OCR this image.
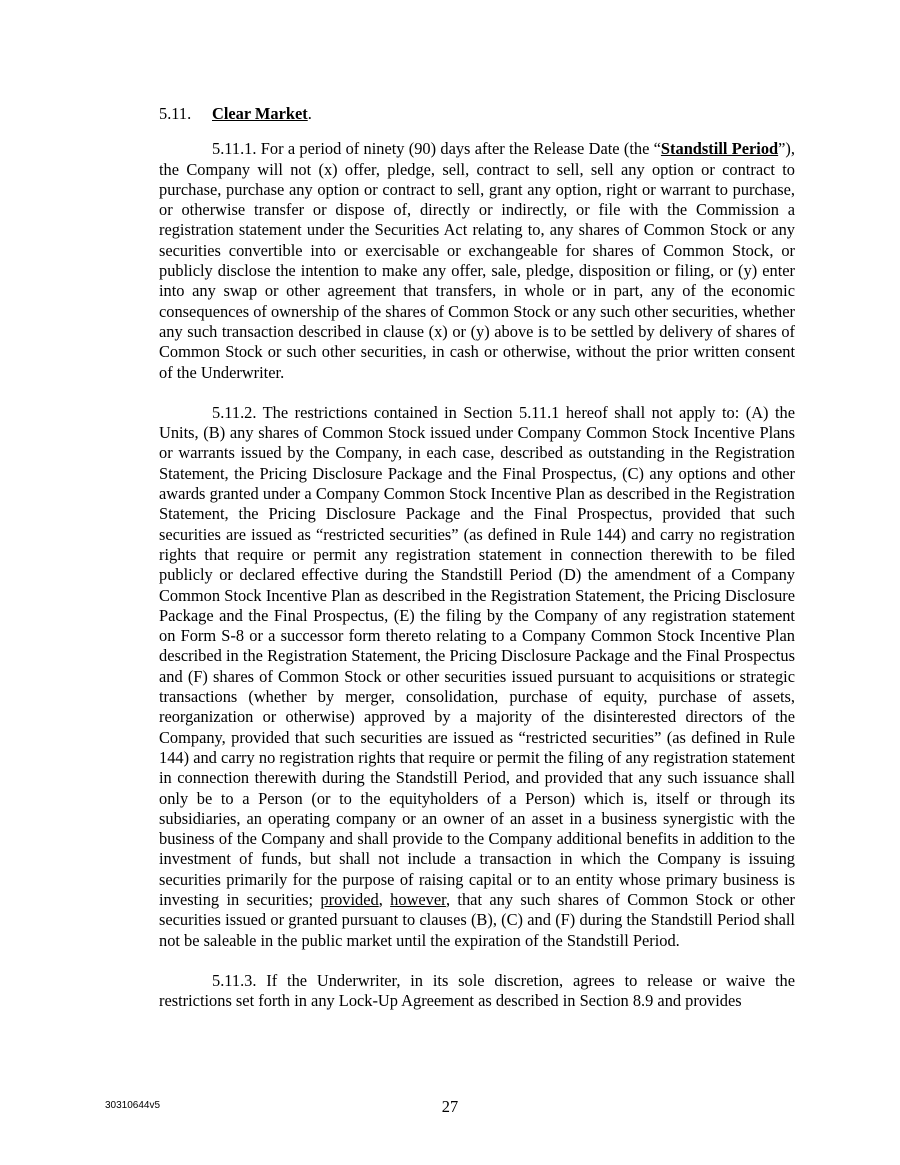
5.11. Clear Market.

5.11.1. For a period of ninety (90) days after the Release Date (the “Standstill Period”), the Company will not (x) offer, pledge, sell, contract to sell, sell any option or contract to purchase, purchase any option or contract to sell, grant any option, right or warrant to purchase, or otherwise transfer or dispose of, directly or indirectly, or file with the Commission a registration statement under the Securities Act relating to, any shares of Common Stock or any securities convertible into or exercisable or exchangeable for shares of Common Stock, or publicly disclose the intention to make any offer, sale, pledge, disposition or filing, or (y) enter into any swap or other agreement that transfers, in whole or in part, any of the economic consequences of ownership of the shares of Common Stock or any such other securities, whether any such transaction described in clause (x) or (y) above is to be settled by delivery of shares of Common Stock or such other securities, in cash or otherwise, without the prior written consent of the Underwriter.

5.11.2. The restrictions contained in Section 5.11.1 hereof shall not apply to: (A) the Units, (B) any shares of Common Stock issued under Company Common Stock Incentive Plans or warrants issued by the Company, in each case, described as outstanding in the Registration Statement, the Pricing Disclosure Package and the Final Prospectus, (C) any options and other awards granted under a Company Common Stock Incentive Plan as described in the Registration Statement, the Pricing Disclosure Package and the Final Prospectus, provided that such securities are issued as “restricted securities” (as defined in Rule 144) and carry no registration rights that require or permit any registration statement in connection therewith to be filed publicly or declared effective during the Standstill Period (D) the amendment of a Company Common Stock Incentive Plan as described in the Registration Statement, the Pricing Disclosure Package and the Final Prospectus, (E) the filing by the Company of any registration statement on Form S-8 or a successor form thereto relating to a Company Common Stock Incentive Plan described in the Registration Statement, the Pricing Disclosure Package and the Final Prospectus and (F) shares of Common Stock or other securities issued pursuant to acquisitions or strategic transactions (whether by merger, consolidation, purchase of equity, purchase of assets, reorganization or otherwise) approved by a majority of the disinterested directors of the Company, provided that such securities are issued as “restricted securities” (as defined in Rule 144) and carry no registration rights that require or permit the filing of any registration statement in connection therewith during the Standstill Period, and provided that any such issuance shall only be to a Person (or to the equityholders of a Person) which is, itself or through its subsidiaries, an operating company or an owner of an asset in a business synergistic with the business of the Company and shall provide to the Company additional benefits in addition to the investment of funds, but shall not include a transaction in which the Company is issuing securities primarily for the purpose of raising capital or to an entity whose primary business is investing in securities; provided, however, that any such shares of Common Stock or other securities issued or granted pursuant to clauses (B), (C) and (F) during the Standstill Period shall not be saleable in the public market until the expiration of the Standstill Period.

5.11.3. If the Underwriter, in its sole discretion, agrees to release or waive the restrictions set forth in any Lock-Up Agreement as described in Section 8.9 and provides

30310644v5	27
